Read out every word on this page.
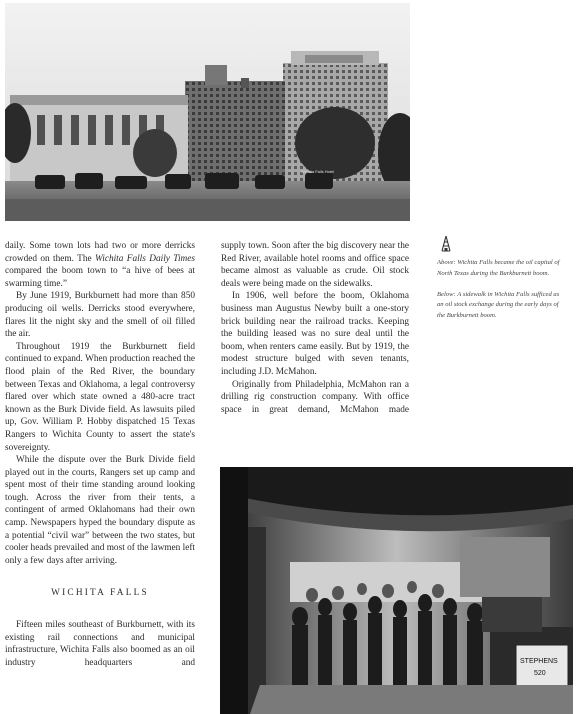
Wichita Falls Hotel

daily. Some town lots had two or more derricks crowded on them. The Wichita Falls Daily Times compared the boom town to “a hive of bees at swarming time.”

By June 1919, Burkburnett had more than 850 producing oil wells. Derricks stood everywhere, flares lit the night sky and the smell of oil filled the air.

Throughout 1919 the Burkburnett field continued to expand. When production reached the flood plain of the Red River, the boundary between Texas and Oklahoma, a legal controversy flared over which state owned a 480-acre tract known as the Burk Divide field. As lawsuits piled up, Gov. William P. Hobby dispatched 15 Texas Rangers to Wichita County to assert the state's sovereignty.

While the dispute over the Burk Divide field played out in the courts, Rangers set up camp and spent most of their time standing around looking tough. Across the river from their tents, a contingent of armed Oklahomans had their own camp. Newspapers hyped the boundary dispute as a potential “civil war” between the two states, but cooler heads prevailed and most of the lawmen left only a few days after arriving.

WICHITA FALLS

Fifteen miles southeast of Burkburnett, with its existing rail connections and municipal infrastructure, Wichita Falls also boomed as an oil industry headquarters and

supply town. Soon after the big discovery near the Red River, available hotel rooms and office space became almost as valuable as crude. Oil stock deals were being made on the sidewalks.

In 1906, well before the boom, Oklahoma business man Augustus Newby built a one-story brick building near the railroad tracks. Keeping the building leased was no sure deal until the boom, when renters came easily. But by 1919, the modest structure bulged with seven tenants, including J.D. McMahon.

Originally from Philadelphia, McMahon ran a drilling rig construction company. With office space in great demand, McMahon made

Above: Wichita Falls became the oil capital of North Texas during the Burkburnett boom.

Below: A sidewalk in Wichita Falls sufficed as an oil stock exchange during the early days of the Burkburnett boom.

STEPHENS
520
